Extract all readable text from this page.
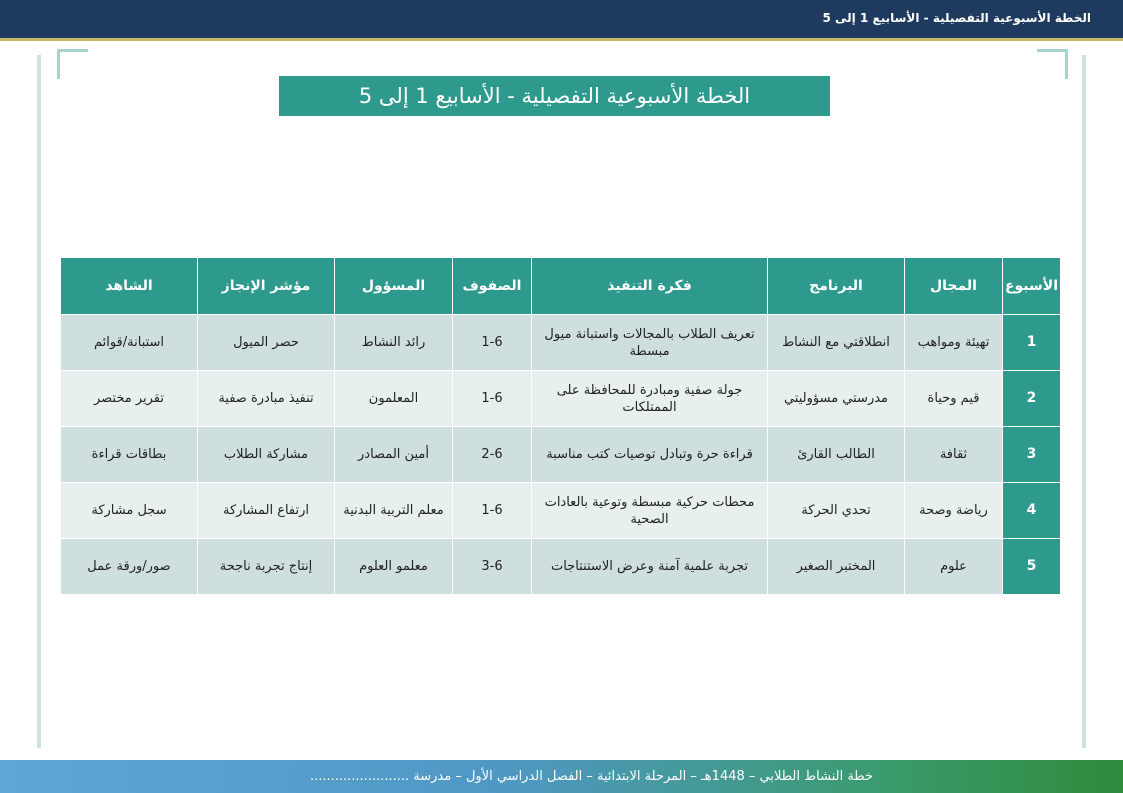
الخطة الأسبوعية التفصيلية - الأسابيع 1 إلى 5
الخطة الأسبوعية التفصيلية - الأسابيع 1 إلى 5
الأسبوع	المجال	البرنامج	فكرة التنفيذ	الصفوف	المسؤول	مؤشر الإنجاز	الشاهد
1	تهيئة ومواهب	انطلاقتي مع النشاط	تعريف الطلاب بالمجالات واستبانة ميول مبسطة	1-6	رائد النشاط	حصر الميول	استبانة/قوائم
2	قيم وحياة	مدرستي مسؤوليتي	جولة صفية ومبادرة للمحافظة على الممتلكات	1-6	المعلمون	تنفيذ مبادرة صفية	تقرير مختصر
3	ثقافة	الطالب القارئ	قراءة حرة وتبادل توصيات كتب مناسبة	2-6	أمين المصادر	مشاركة الطلاب	بطاقات قراءة
4	رياضة وصحة	تحدي الحركة	محطات حركية مبسطة وتوعية بالعادات الصحية	1-6	معلم التربية البدنية	ارتفاع المشاركة	سجل مشاركة
5	علوم	المختبر الصغير	تجربة علمية آمنة وعرض الاستنتاجات	3-6	معلمو العلوم	إنتاج تجربة ناجحة	صور/ورقة عمل
خطة النشاط الطلابي – 1448هـ – المرحلة الابتدائية – الفصل الدراسي الأول – مدرسة ........................
